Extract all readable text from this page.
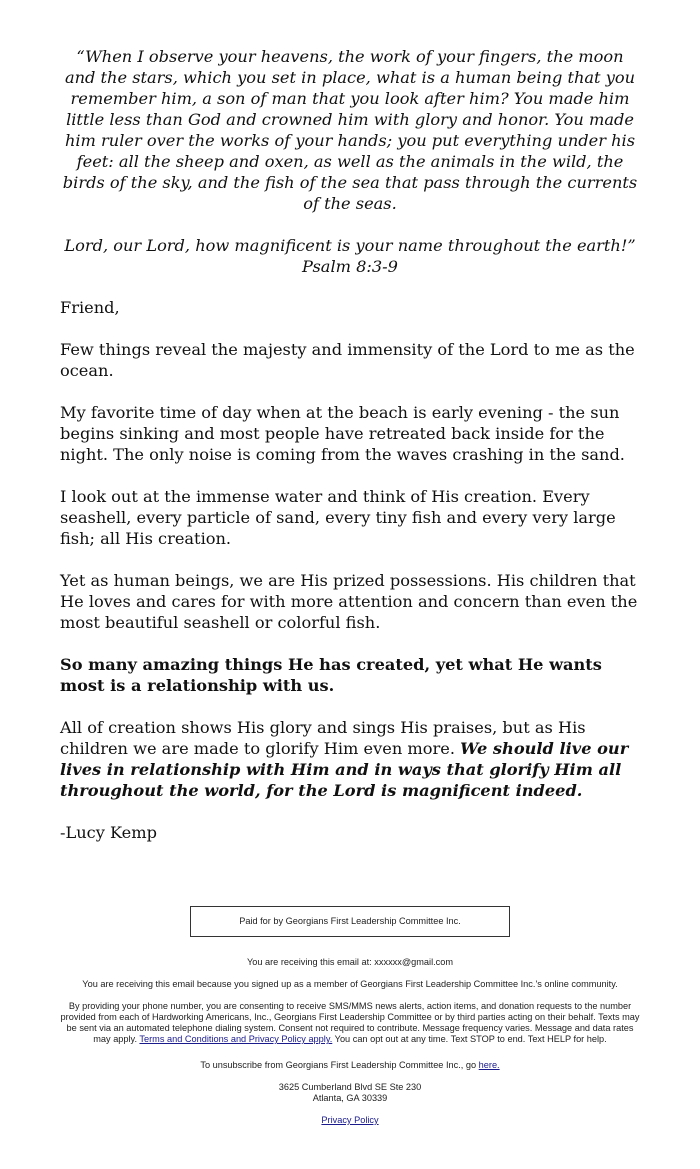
“When I observe your heavens, the work of your fingers, the moon and the stars, which you set in place, what is a human being that you remember him, a son of man that you look after him? You made him little less than God and crowned him with glory and honor. You made him ruler over the works of your hands; you put everything under his feet: all the sheep and oxen, as well as the animals in the wild, the birds of the sky, and the fish of the sea that pass through the currents of the seas.

Lord, our Lord, how magnificent is your name throughout the earth!”

Psalm 8:3-9

Friend,

Few things reveal the majesty and immensity of the Lord to me as the ocean.

My favorite time of day when at the beach is early evening - the sun begins sinking and most people have retreated back inside for the night. The only noise is coming from the waves crashing in the sand.

I look out at the immense water and think of His creation. Every seashell, every particle of sand, every tiny fish and every very large fish; all His creation.

Yet as human beings, we are His prized possessions. His children that He loves and cares for with more attention and concern than even the most beautiful seashell or colorful fish.

So many amazing things He has created, yet what He wants most is a relationship with us.

All of creation shows His glory and sings His praises, but as His children we are made to glorify Him even more. We should live our lives in relationship with Him and in ways that glorify Him all throughout the world, for the Lord is magnificent indeed.

-Lucy Kemp

Paid for by Georgians First Leadership Committee Inc.

You are receiving this email at: xxxxxx@gmail.com

You are receiving this email because you signed up as a member of Georgians First Leadership Committee Inc.'s online community.

By providing your phone number, you are consenting to receive SMS/MMS news alerts, action items, and donation requests to the number provided from each of Hardworking Americans, Inc., Georgians First Leadership Committee or by third parties acting on their behalf. Texts may be sent via an automated telephone dialing system. Consent not required to contribute. Message frequency varies. Message and data rates may apply. Terms and Conditions and Privacy Policy apply. You can opt out at any time. Text STOP to end. Text HELP for help.

To unsubscribe from Georgians First Leadership Committee Inc., go here.

3625 Cumberland Blvd SE Ste 230

Atlanta, GA 30339

Privacy Policy
